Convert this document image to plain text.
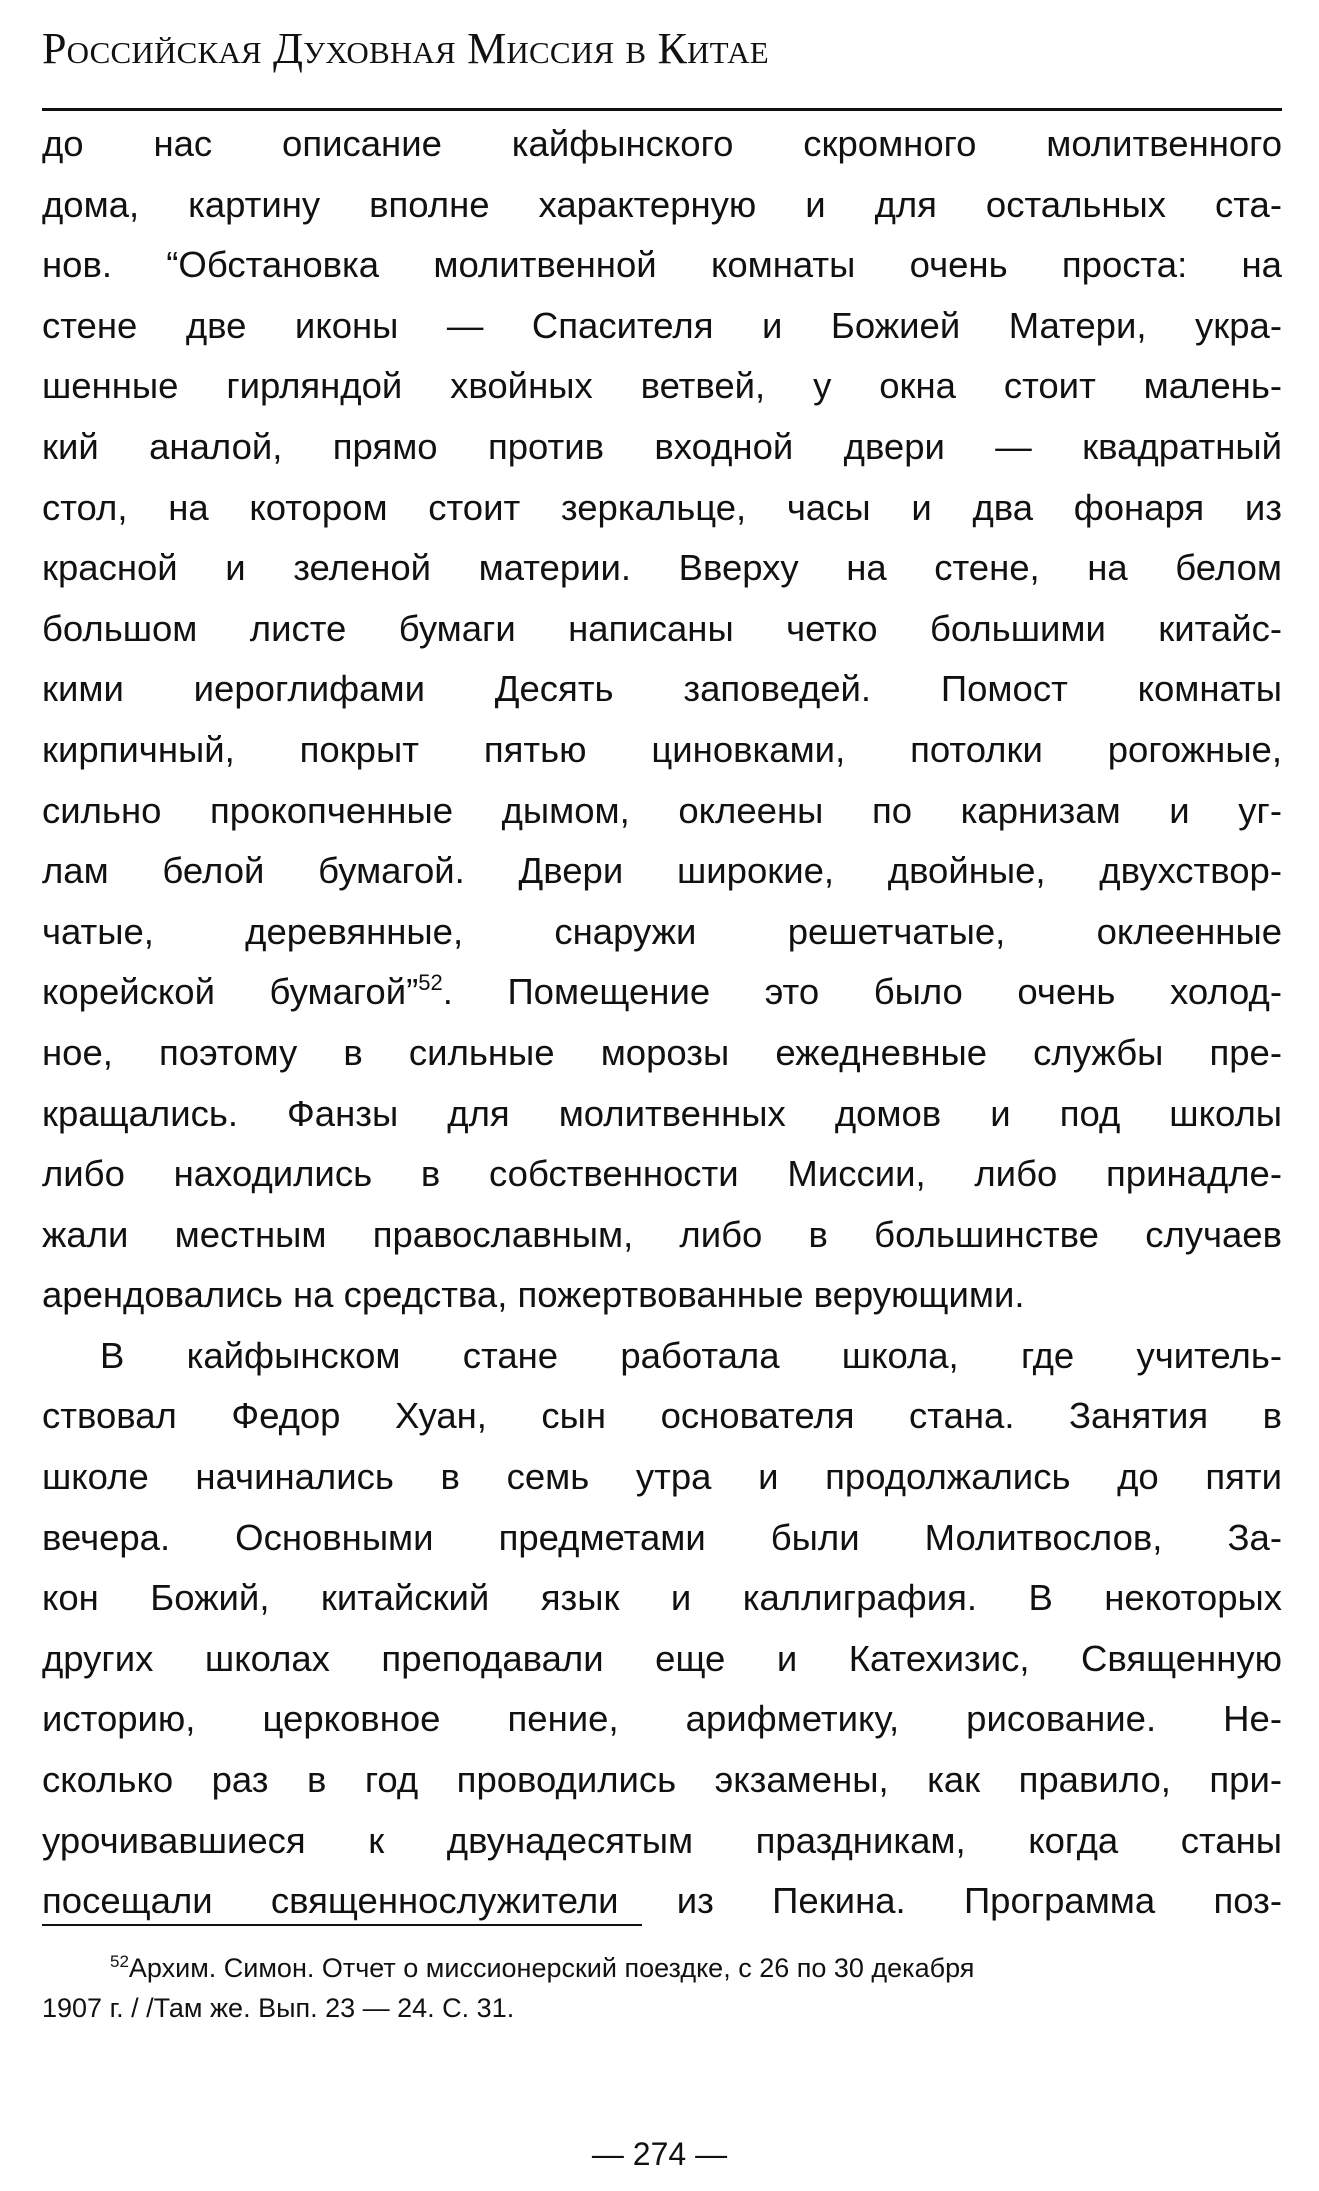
Российская Духовная Миссия в Китае
до нас описание кайфынского скромного молитвенного
дома, картину вполне характерную и для остальных ста-
нов. “Обстановка молитвенной комнаты очень проста: на
стене две иконы — Спасителя и Божией Матери, укра-
шенные гирляндой хвойных ветвей, у окна стоит малень-
кий аналой, прямо против входной двери — квадратный
стол, на котором стоит зеркальце, часы и два фонаря из
красной и зеленой материи. Вверху на стене, на белом
большом листе бумаги написаны четко большими китайс-
кими иероглифами Десять заповедей. Помост комнаты
кирпичный, покрыт пятью циновками, потолки рогожные,
сильно прокопченные дымом, оклеены по карнизам и уг-
лам белой бумагой. Двери широкие, двойные, двухствор-
чатые, деревянные, снаружи решетчатые, оклеенные
корейской бумагой”$^{52}$. Помещение это было очень холод-
ное, поэтому в сильные морозы ежедневные службы пре-
кращались. Фанзы для молитвенных домов и под школы
либо находились в собственности Миссии, либо принадле-
жали местным православным, либо в большинстве случаев
арендовались на средства, пожертвованные верующими.
В кайфынском стане работала школа, где учитель-
ствовал Федор Хуан, сын основателя стана. Занятия в
школе начинались в семь утра и продолжались до пяти
вечера. Основными предметами были Молитвослов, За-
кон Божий, китайский язык и каллиграфия. В некоторых
других школах преподавали еще и Катехизис, Священную
историю, церковное пение, арифметику, рисование. Не-
сколько раз в год проводились экзамены, как правило, при-
урочивавшиеся к двунадесятым праздникам, когда станы
посещали священнослужители из Пекина. Программа поз-
$^{52}$Архим. Симон. Отчет о миссионерский поездке, с 26 по 30 декабря
1907 г. / /Там же. Вып. 23 — 24. С. 31.
— 274 —
